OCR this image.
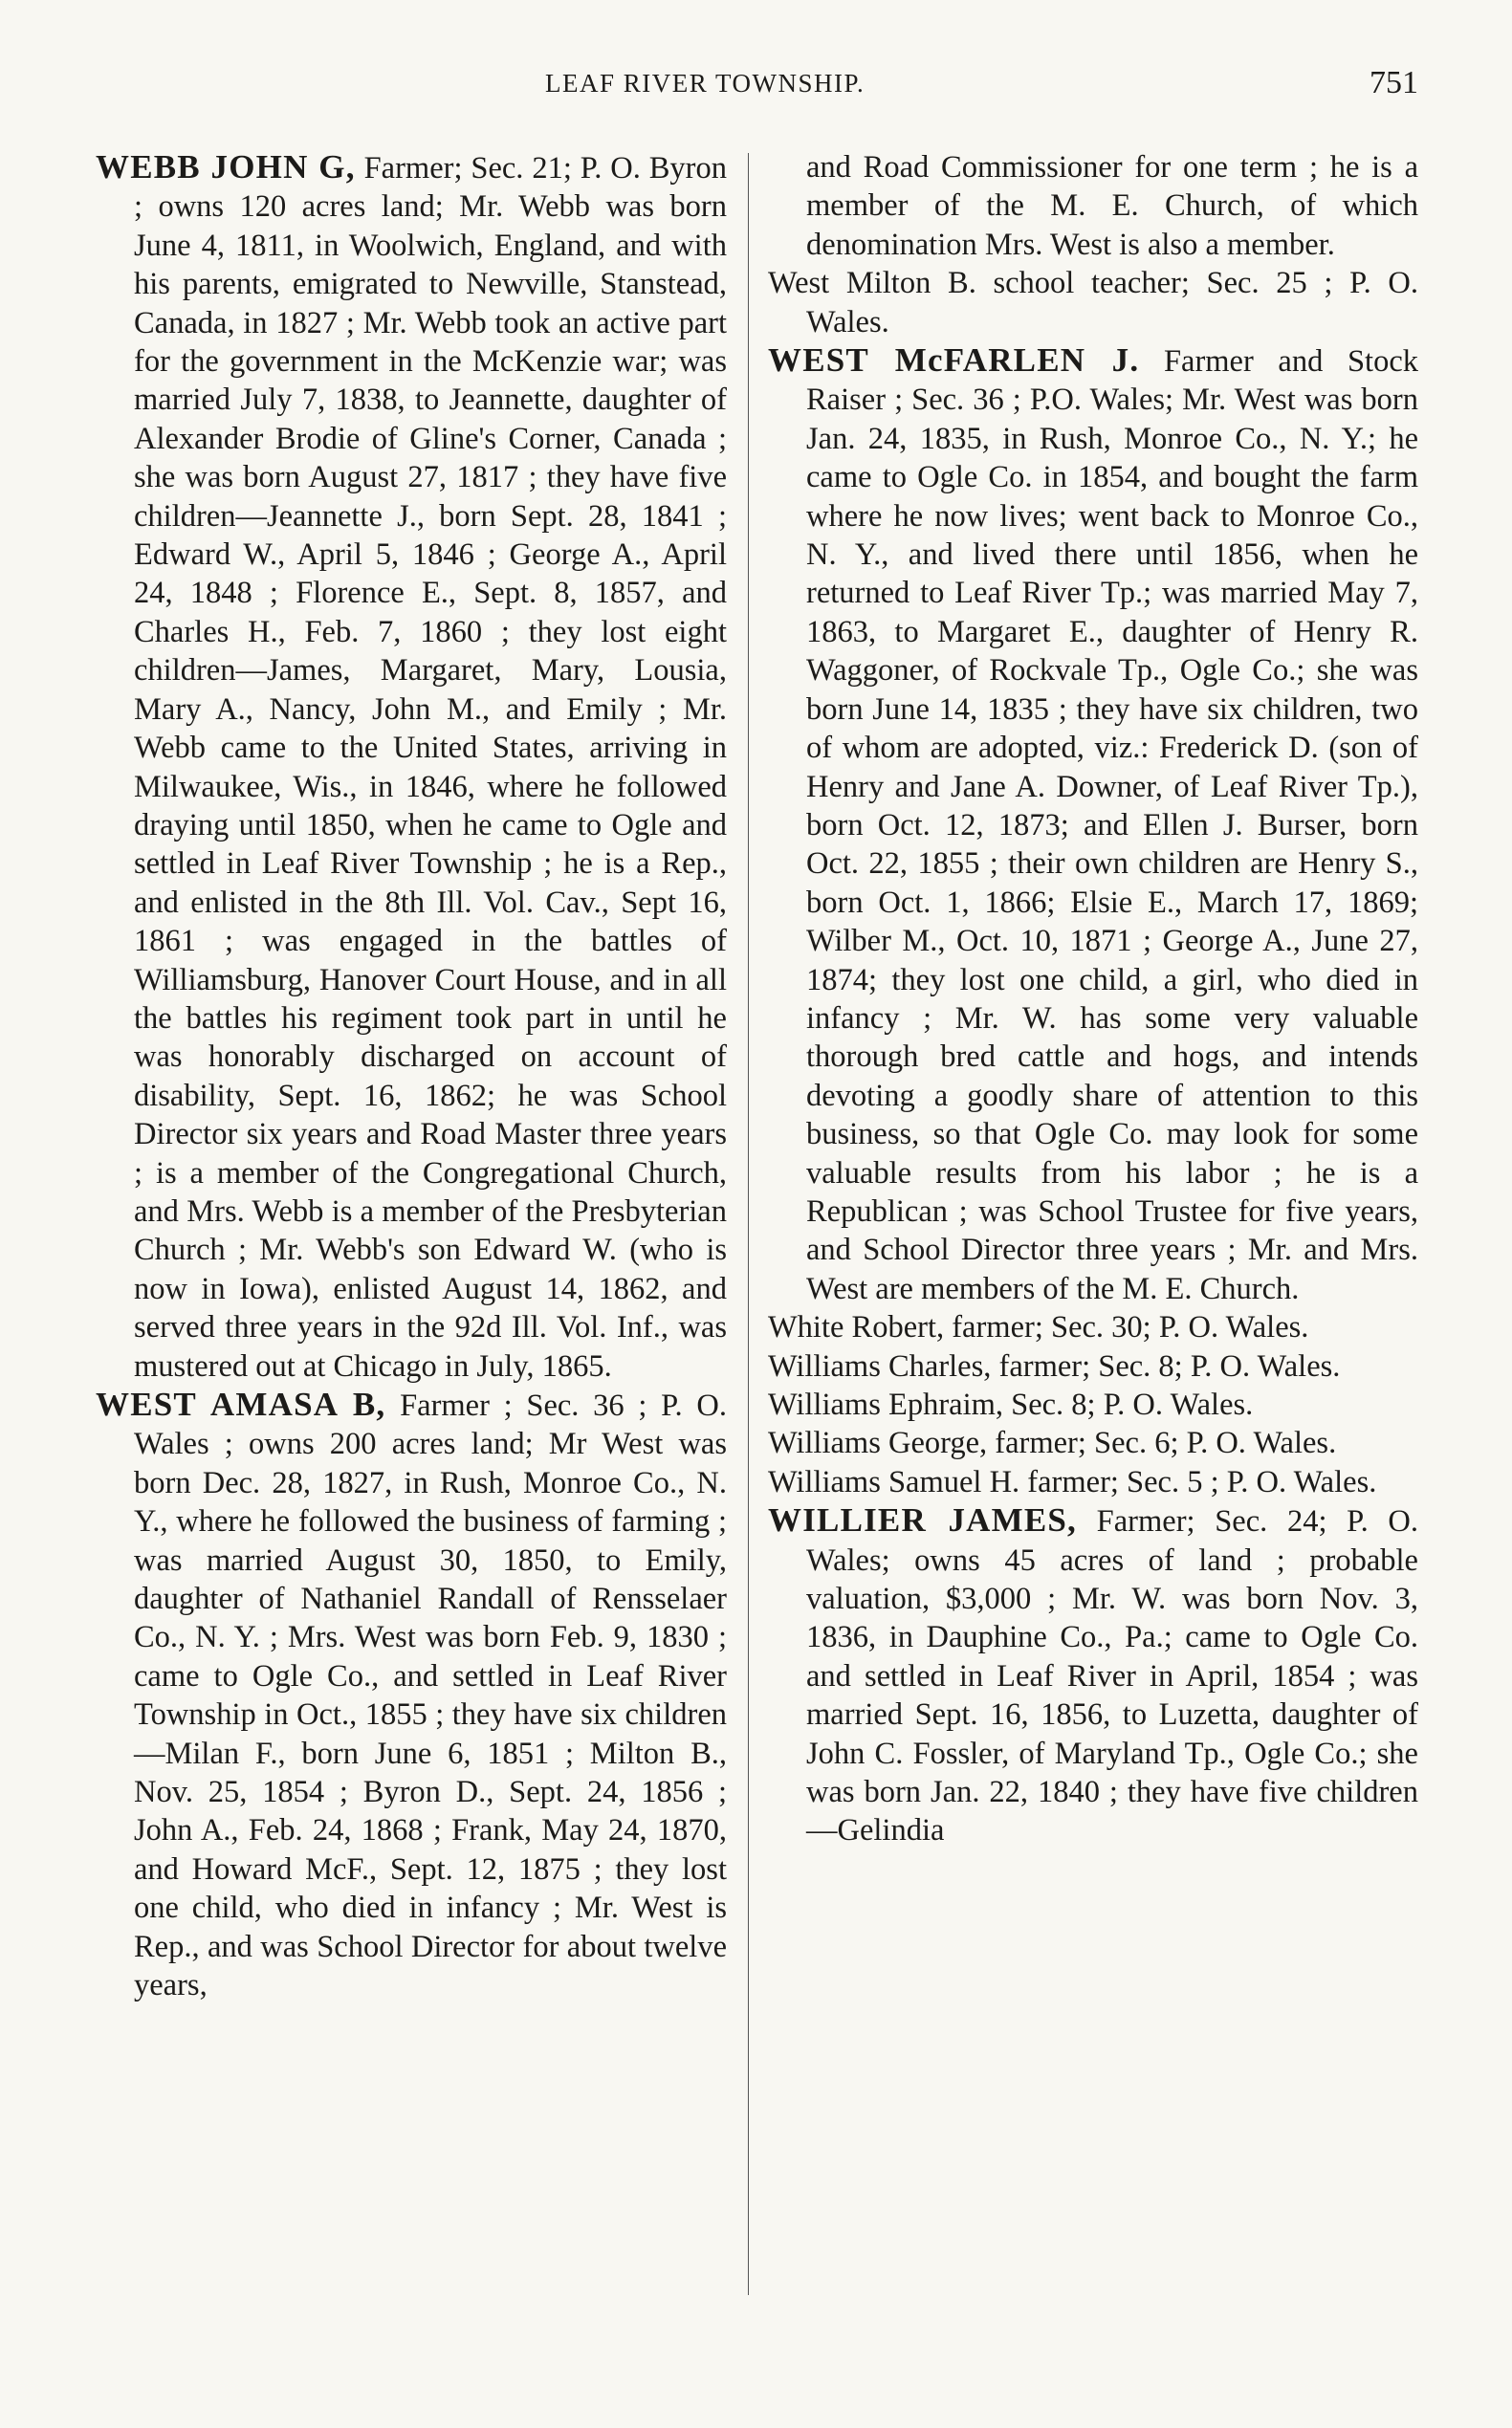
LEAF RIVER TOWNSHIP.	751

WEBB JOHN G, Farmer; Sec. 21; P. O. Byron ; owns 120 acres land; Mr. Webb was born June 4, 1811, in Woolwich, England, and with his parents, emigrated to Newville, Stanstead, Canada, in 1827 ; Mr. Webb took an active part for the government in the McKenzie war; was married July 7, 1838, to Jeannette, daughter of Alexander Brodie of Gline's Corner, Canada ; she was born August 27, 1817 ; they have five children—Jeannette J., born Sept. 28, 1841 ; Edward W., April 5, 1846 ; George A., April 24, 1848 ; Florence E., Sept. 8, 1857, and Charles H., Feb. 7, 1860 ; they lost eight children—James, Margaret, Mary, Lousia, Mary A., Nancy, John M., and Emily ; Mr. Webb came to the United States, arriving in Milwaukee, Wis., in 1846, where he followed draying until 1850, when he came to Ogle and settled in Leaf River Township ; he is a Rep., and enlisted in the 8th Ill. Vol. Cav., Sept 16, 1861 ; was engaged in the battles of Williamsburg, Hanover Court House, and in all the battles his regiment took part in until he was honorably discharged on account of disability, Sept. 16, 1862; he was School Director six years and Road Master three years ; is a member of the Congregational Church, and Mrs. Webb is a member of the Presbyterian Church ; Mr. Webb's son Edward W. (who is now in Iowa), enlisted August 14, 1862, and served three years in the 92d Ill. Vol. Inf., was mustered out at Chicago in July, 1865.

WEST AMASA B, Farmer ; Sec. 36 ; P. O. Wales ; owns 200 acres land; Mr West was born Dec. 28, 1827, in Rush, Monroe Co., N. Y., where he followed the business of farming ; was married August 30, 1850, to Emily, daughter of Nathaniel Randall of Rensselaer Co., N. Y. ; Mrs. West was born Feb. 9, 1830 ; came to Ogle Co., and settled in Leaf River Township in Oct., 1855 ; they have six children—Milan F., born June 6, 1851 ; Milton B., Nov. 25, 1854 ; Byron D., Sept. 24, 1856 ; John A., Feb. 24, 1868 ; Frank, May 24, 1870, and Howard McF., Sept. 12, 1875 ; they lost one child, who died in infancy ; Mr. West is Rep., and was School Director for about twelve years,

and Road Commissioner for one term ; he is a member of the M. E. Church, of which denomination Mrs. West is also a member.

West Milton B. school teacher; Sec. 25 ; P. O. Wales.

WEST McFARLEN J. Farmer and Stock Raiser ; Sec. 36 ; P.O. Wales; Mr. West was born Jan. 24, 1835, in Rush, Monroe Co., N. Y.; he came to Ogle Co. in 1854, and bought the farm where he now lives; went back to Monroe Co., N. Y., and lived there until 1856, when he returned to Leaf River Tp.; was married May 7, 1863, to Margaret E., daughter of Henry R. Waggoner, of Rockvale Tp., Ogle Co.; she was born June 14, 1835 ; they have six children, two of whom are adopted, viz.: Frederick D. (son of Henry and Jane A. Downer, of Leaf River Tp.), born Oct. 12, 1873; and Ellen J. Burser, born Oct. 22, 1855 ; their own children are Henry S., born Oct. 1, 1866; Elsie E., March 17, 1869; Wilber M., Oct. 10, 1871 ; George A., June 27, 1874; they lost one child, a girl, who died in infancy ; Mr. W. has some very valuable thorough bred cattle and hogs, and intends devoting a goodly share of attention to this business, so that Ogle Co. may look for some valuable results from his labor ; he is a Republican ; was School Trustee for five years, and School Director three years ; Mr. and Mrs. West are members of the M. E. Church.

White Robert, farmer; Sec. 30; P. O. Wales.

Williams Charles, farmer; Sec. 8; P. O. Wales.

Williams Ephraim, Sec. 8; P. O. Wales.

Williams George, farmer; Sec. 6; P. O. Wales.

Williams Samuel H. farmer; Sec. 5 ; P. O. Wales.

WILLIER JAMES, Farmer; Sec. 24; P. O. Wales; owns 45 acres of land ; probable valuation, $3,000 ; Mr. W. was born Nov. 3, 1836, in Dauphine Co., Pa.; came to Ogle Co. and settled in Leaf River in April, 1854 ; was married Sept. 16, 1856, to Luzetta, daughter of John C. Fossler, of Maryland Tp., Ogle Co.; she was born Jan. 22, 1840 ; they have five children—Gelindia
